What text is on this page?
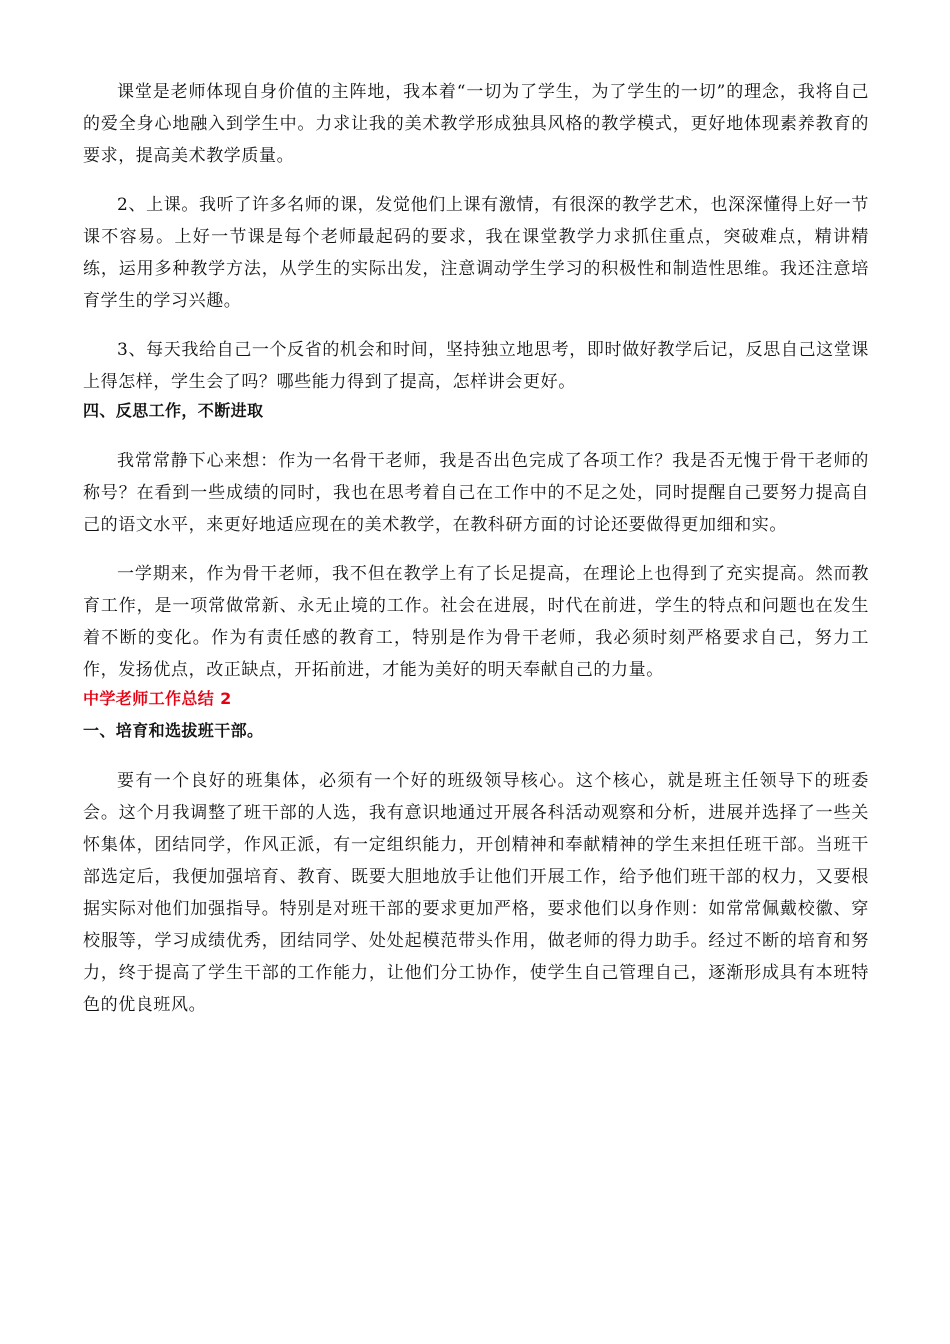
课堂是老师体现自身价值的主阵地，我本着“一切为了学生，为了学生的一切”的理念，我将自己的爱全身心地融入到学生中。力求让我的美术教学形成独具风格的教学模式，更好地体现素养教育的要求，提高美术教学质量。

2、上课。我听了许多名师的课，发觉他们上课有激情，有很深的教学艺术，也深深懂得上好一节课不容易。上好一节课是每个老师最起码的要求，我在课堂教学力求抓住重点，突破难点，精讲精练，运用多种教学方法，从学生的实际出发，注意调动学生学习的积极性和制造性思维。我还注意培育学生的学习兴趣。

3、每天我给自己一个反省的机会和时间，坚持独立地思考，即时做好教学后记，反思自己这堂课上得怎样，学生会了吗？哪些能力得到了提高，怎样讲会更好。

四、反思工作，不断进取

我常常静下心来想：作为一名骨干老师，我是否出色完成了各项工作？我是否无愧于骨干老师的称号？在看到一些成绩的同时，我也在思考着自己在工作中的不足之处，同时提醒自己要努力提高自己的语文水平，来更好地适应现在的美术教学，在教科研方面的讨论还要做得更加细和实。

一学期来，作为骨干老师，我不但在教学上有了长足提高，在理论上也得到了充实提高。然而教育工作，是一项常做常新、永无止境的工作。社会在进展，时代在前进，学生的特点和问题也在发生着不断的变化。作为有责任感的教育工，特别是作为骨干老师，我必须时刻严格要求自己，努力工作，发扬优点，改正缺点，开拓前进，才能为美好的明天奉献自己的力量。

中学老师工作总结 2

一、培育和选拔班干部。

要有一个良好的班集体，必须有一个好的班级领导核心。这个核心，就是班主任领导下的班委会。这个月我调整了班干部的人选，我有意识地通过开展各科活动观察和分析，进展并选择了一些关怀集体，团结同学，作风正派，有一定组织能力，开创精神和奉献精神的学生来担任班干部。当班干部选定后，我便加强培育、教育、既要大胆地放手让他们开展工作，给予他们班干部的权力，又要根据实际对他们加强指导。特别是对班干部的要求更加严格，要求他们以身作则：如常常佩戴校徽、穿校服等，学习成绩优秀，团结同学、处处起模范带头作用，做老师的得力助手。经过不断的培育和努力，终于提高了学生干部的工作能力，让他们分工协作，使学生自己管理自己，逐渐形成具有本班特色的优良班风。
